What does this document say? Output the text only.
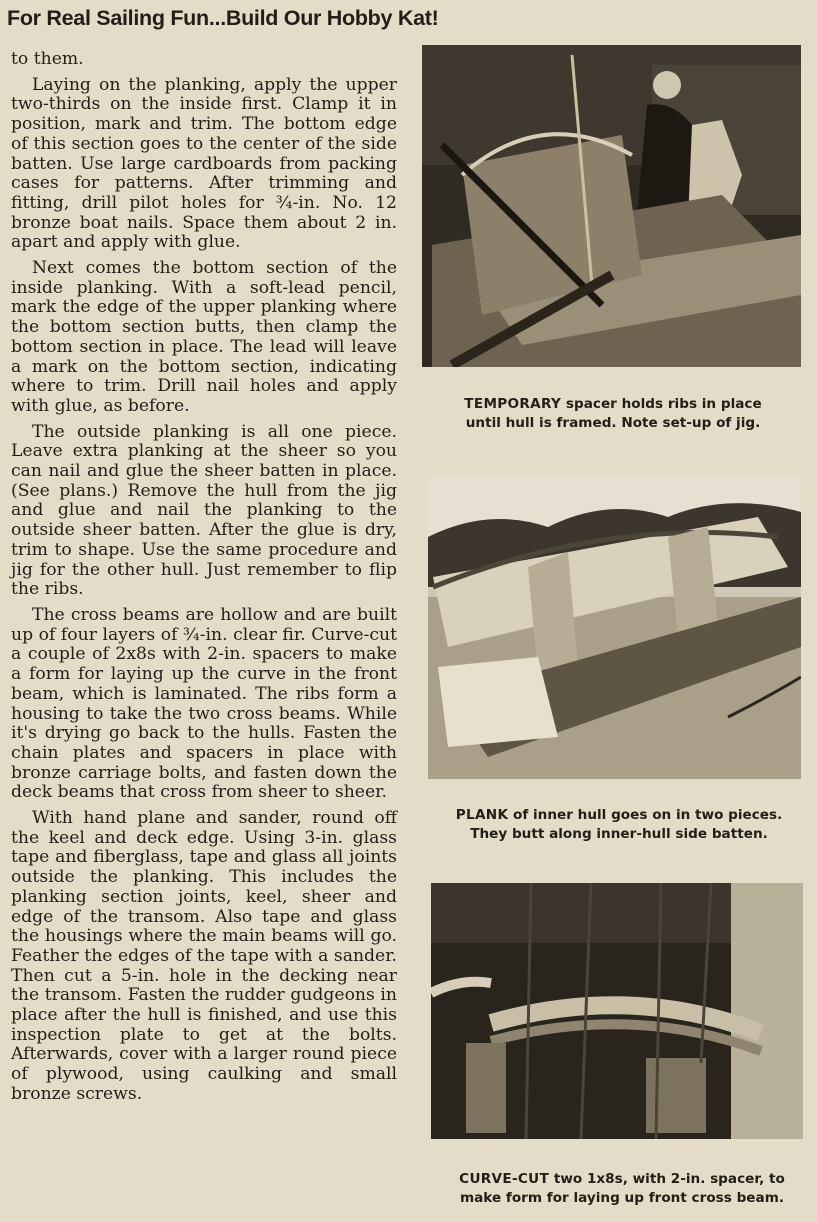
For Real Sailing Fun...Build Our Hobby Kat!

to them.

Laying on the planking, apply the upper two-thirds on the inside first. Clamp it in position, mark and trim. The bottom edge of this section goes to the center of the side batten. Use large cardboards from packing cases for patterns. After trimming and fitting, drill pilot holes for ¾-in. No. 12 bronze boat nails. Space them about 2 in. apart and apply with glue.

Next comes the bottom section of the inside planking. With a soft-lead pencil, mark the edge of the upper planking where the bottom section butts, then clamp the bottom section in place. The lead will leave a mark on the bottom section, indicating where to trim. Drill nail holes and apply with glue, as before.

The outside planking is all one piece. Leave extra planking at the sheer so you can nail and glue the sheer batten in place. (See plans.) Remove the hull from the jig and glue and nail the planking to the outside sheer batten. After the glue is dry, trim to shape. Use the same procedure and jig for the other hull. Just remember to flip the ribs.

The cross beams are hollow and are built up of four layers of ¾-in. clear fir. Curve-cut a couple of 2x8s with 2-in. spacers to make a form for laying up the curve in the front beam, which is laminated. The ribs form a housing to take the two cross beams. While it's drying go back to the hulls. Fasten the chain plates and spacers in place with bronze carriage bolts, and fasten down the deck beams that cross from sheer to sheer.

With hand plane and sander, round off the keel and deck edge. Using 3-in. glass tape and fiberglass, tape and glass all joints outside the planking. This includes the planking section joints, keel, sheer and edge of the transom. Also tape and glass the housings where the main beams will go. Feather the edges of the tape with a sander. Then cut a 5-in. hole in the decking near the transom. Fasten the rudder gudgeons in place after the hull is finished, and use this inspection plate to get at the bolts. Afterwards, cover with a larger round piece of plywood, using caulking and small bronze screws.

TEMPORARY spacer holds ribs in place
until hull is framed. Note set-up of jig.
PLANK of inner hull goes on in two pieces.
They butt along inner-hull side batten.
CURVE-CUT two 1x8s, with 2-in. spacer, to
make form for laying up front cross beam.
